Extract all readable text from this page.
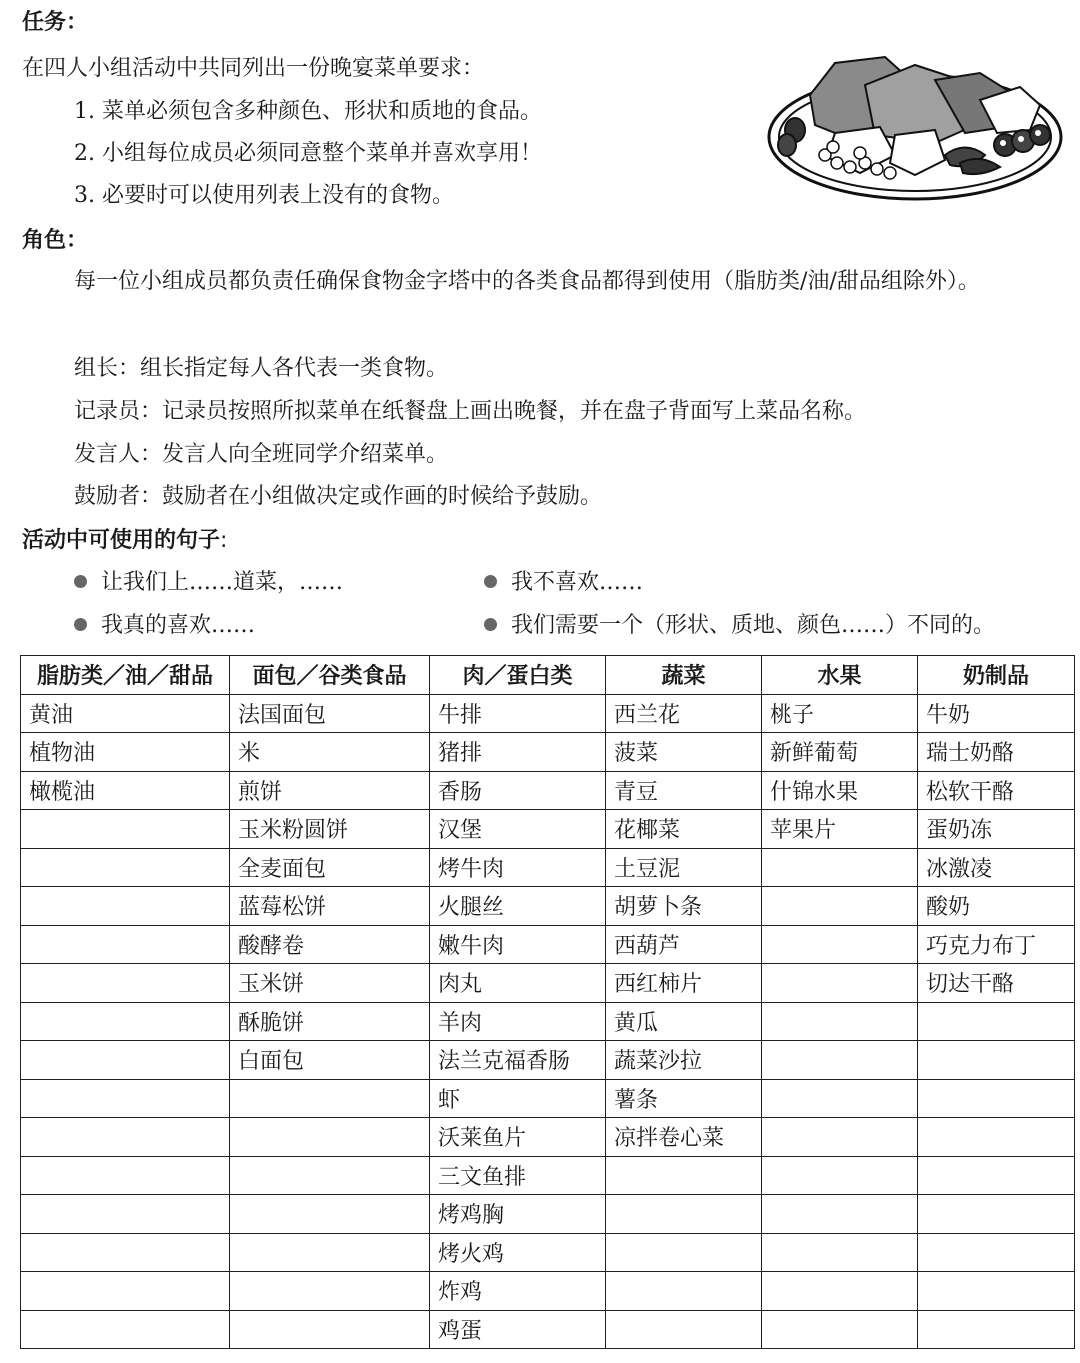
任务：
在四人小组活动中共同列出一份晚宴菜单要求：
1. 菜单必须包含多种颜色、形状和质地的食品。
2. 小组每位成员必须同意整个菜单并喜欢享用！
3. 必要时可以使用列表上没有的食物。
角色：
每一位小组成员都负责任确保食物金字塔中的各类食品都得到使用（脂肪类/油/甜品组除外）。
组长：组长指定每人各代表一类食物。
记录员：记录员按照所拟菜单在纸餐盘上画出晚餐，并在盘子背面写上菜品名称。
发言人：发言人向全班同学介绍菜单。
鼓励者：鼓励者在小组做决定或作画的时候给予鼓励。
活动中可使用的句子:
让我们上……道菜，……	我不喜欢……
我真的喜欢……	我们需要一个（形状、质地、颜色……）不同的。
脂肪类／油／甜品	面包／谷类食品	肉／蛋白类	蔬菜	水果	奶制品
黄油	法国面包	牛排	西兰花	桃子	牛奶
植物油	米	猪排	菠菜	新鲜葡萄	瑞士奶酪
橄榄油	煎饼	香肠	青豆	什锦水果	松软干酪
	玉米粉圆饼	汉堡	花椰菜	苹果片	蛋奶冻
	全麦面包	烤牛肉	土豆泥		冰激凌
	蓝莓松饼	火腿丝	胡萝卜条		酸奶
	酸酵卷	嫩牛肉	西葫芦		巧克力布丁
	玉米饼	肉丸	西红柿片		切达干酪
	酥脆饼	羊肉	黄瓜		
	白面包	法兰克福香肠	蔬菜沙拉		
		虾	薯条		
		沃莱鱼片	凉拌卷心菜		
		三文鱼排			
		烤鸡胸			
		烤火鸡			
		炸鸡			
		鸡蛋			
